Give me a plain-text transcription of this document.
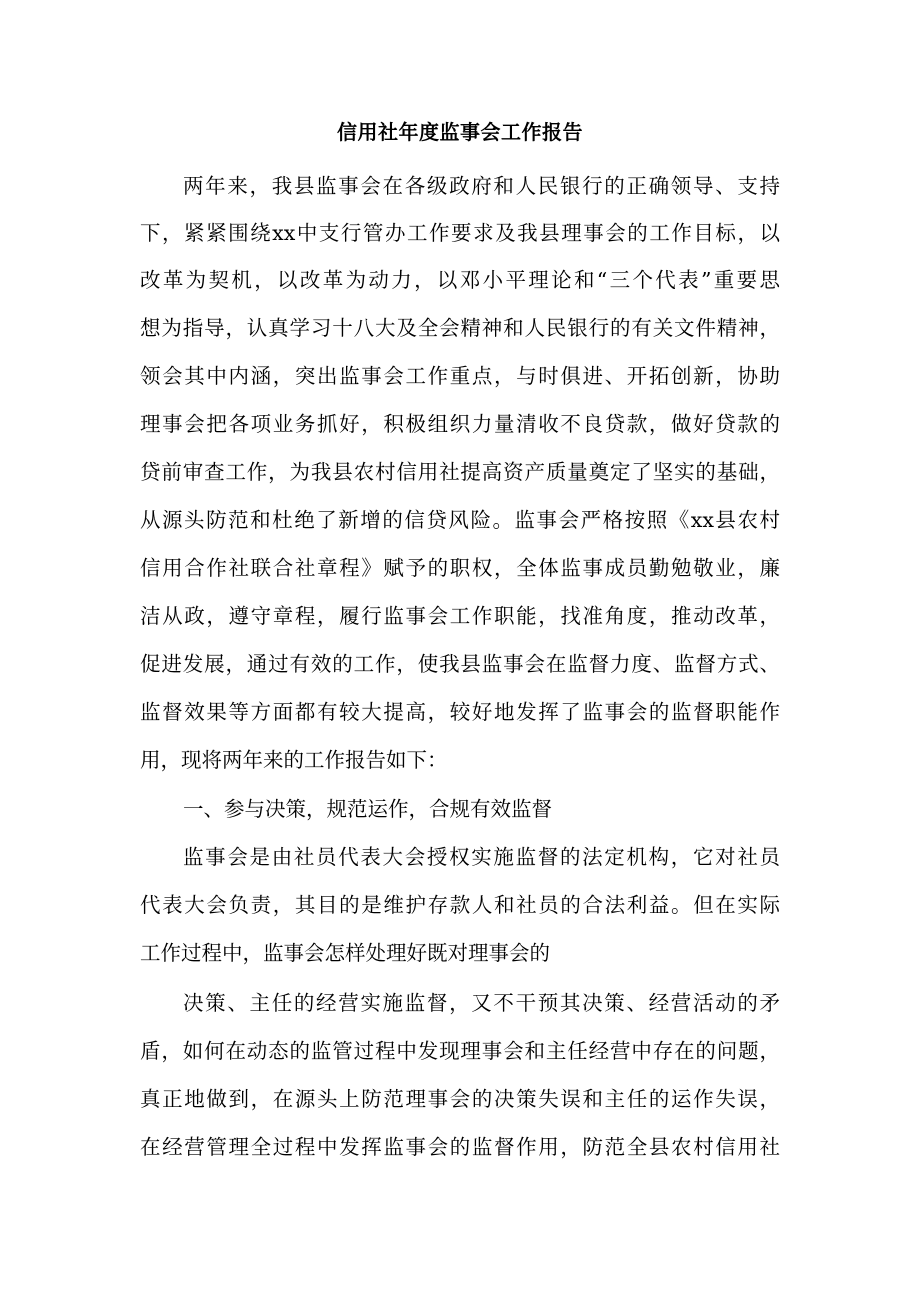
信用社年度监事会工作报告
两年来，我县监事会在各级政府和人民银行的正确领导、支持
下，紧紧围绕xx中支行管办工作要求及我县理事会的工作目标，以
改革为契机，以改革为动力，以邓小平理论和“三个代表”重要思
想为指导，认真学习十八大及全会精神和人民银行的有关文件精神，
领会其中内涵，突出监事会工作重点，与时俱进、开拓创新，协助
理事会把各项业务抓好，积极组织力量清收不良贷款，做好贷款的
贷前审查工作，为我县农村信用社提高资产质量奠定了坚实的基础，
从源头防范和杜绝了新增的信贷风险。监事会严格按照《xx县农村
信用合作社联合社章程》赋予的职权，全体监事成员勤勉敬业，廉
洁从政，遵守章程，履行监事会工作职能，找准角度，推动改革，
促进发展，通过有效的工作，使我县监事会在监督力度、监督方式、
监督效果等方面都有较大提高，较好地发挥了监事会的监督职能作
用，现将两年来的工作报告如下：
一、参与决策，规范运作，合规有效监督
监事会是由社员代表大会授权实施监督的法定机构，它对社员
代表大会负责，其目的是维护存款人和社员的合法利益。但在实际
工作过程中，监事会怎样处理好既对理事会的
决策、主任的经营实施监督，又不干预其决策、经营活动的矛
盾，如何在动态的监管过程中发现理事会和主任经营中存在的问题，
真正地做到，在源头上防范理事会的决策失误和主任的运作失误，
在经营管理全过程中发挥监事会的监督作用，防范全县农村信用社
